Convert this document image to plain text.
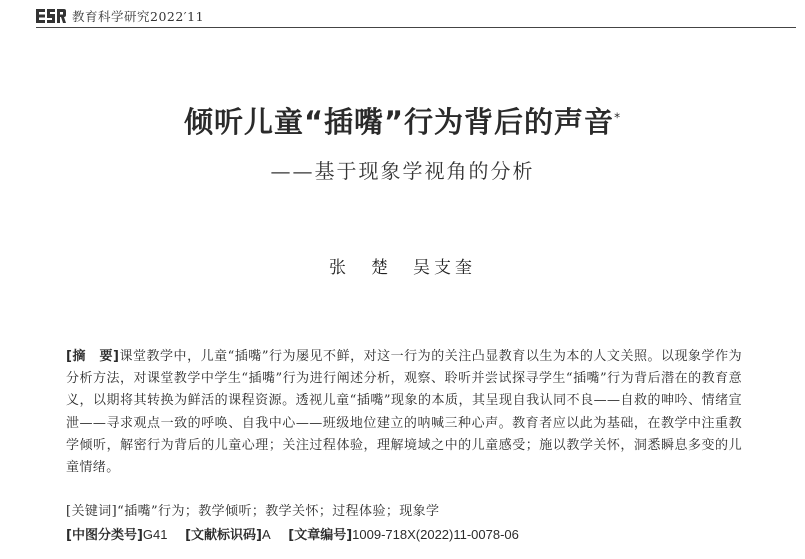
教育科学研究2022′11
倾听儿童“插嘴”行为背后的声音*
——基于现象学视角的分析
张　楚　吴支奎
[摘　要]课堂教学中，儿童“插嘴”行为屡见不鲜，对这一行为的关注凸显教育以生为本的人文关照。以现象学作为分析方法，对课堂教学中学生“插嘴”行为进行阐述分析，观察、聆听并尝试探寻学生“插嘴”行为背后潜在的教育意义，以期将其转换为鲜活的课程资源。透视儿童“插嘴”现象的本质，其呈现自我认同不良——自救的呻吟、情绪宣泄——寻求观点一致的呼唤、自我中心——班级地位建立的呐喊三种心声。教育者应以此为基础，在教学中注重教学倾听，解密行为背后的儿童心理；关注过程体验，理解境域之中的儿童感受；施以教学关怀，洞悉瞬息多变的儿童情绪。
[关键词]“插嘴”行为；教学倾听；教学关怀；过程体验；现象学
[中图分类号]G41 [文献标识码]A [文章编号]1009-718X(2022)11-0078-06
